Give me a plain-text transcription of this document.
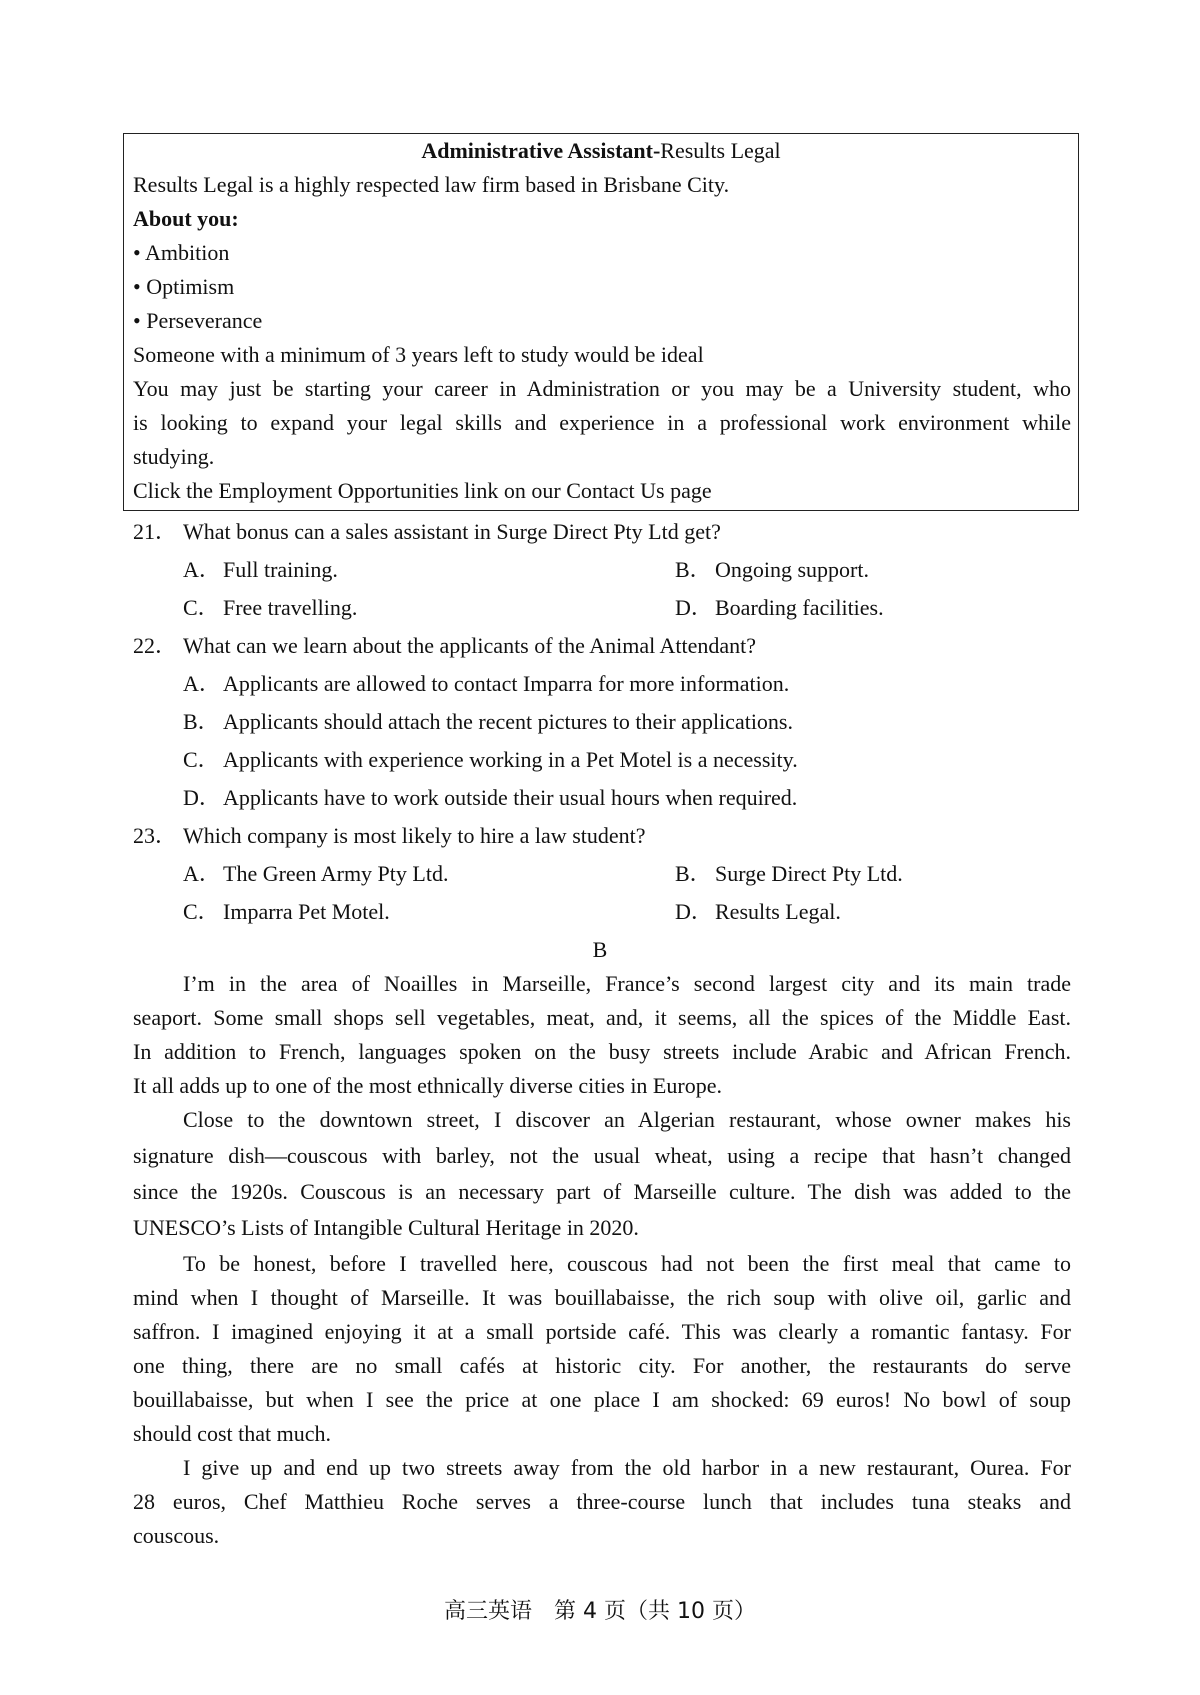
Administrative Assistant-Results Legal

Results Legal is a highly respected law firm based in Brisbane City.

About you:

• Ambition

• Optimism

• Perseverance

Someone with a minimum of 3 years left to study would be ideal

You may just be starting your career in Administration or you may be a University student, who

is looking to expand your legal skills and experience in a professional work environment while

studying.

Click the Employment Opportunities link on our Contact Us page

21． What bonus can a sales assistant in Surge Direct Pty Ltd get?

A．Full training.	B． Ongoing support.

C． Free travelling.	D．Boarding facilities.

22． What can we learn about the applicants of the Animal Attendant?

A．Applicants are allowed to contact Imparra for more information.

B． Applicants should attach the recent pictures to their applications.

C． Applicants with experience working in a Pet Motel is a necessity.

D．Applicants have to work outside their usual hours when required.

23． Which company is most likely to hire a law student?

A．The Green Army Pty Ltd.	B． Surge Direct Pty Ltd.

C． Imparra Pet Motel.	D．Results Legal.

B

I’m in the area of Noailles in Marseille, France’s second largest city and its main trade

seaport. Some small shops sell vegetables, meat, and, it seems, all the spices of the Middle East.

In addition to French, languages spoken on the busy streets include Arabic and African French.

It all adds up to one of the most ethnically diverse cities in Europe.

Close to the downtown street, I discover an Algerian restaurant, whose owner makes his

signature dish—couscous with barley, not the usual wheat, using a recipe that hasn’t changed

since the 1920s. Couscous is an necessary part of Marseille culture. The dish was added to the

UNESCO’s Lists of Intangible Cultural Heritage in 2020.

To be honest, before I travelled here, couscous had not been the first meal that came to

mind when I thought of Marseille. It was bouillabaisse, the rich soup with olive oil, garlic and

saffron. I imagined enjoying it at a small portside café. This was clearly a romantic fantasy. For

one thing, there are no small cafés at historic city. For another, the restaurants do serve

bouillabaisse, but when I see the price at one place I am shocked: 69 euros! No bowl of soup

should cost that much.

I give up and end up two streets away from the old harbor in a new restaurant, Ourea. For

28 euros, Chef Matthieu Roche serves a three-course lunch that includes tuna steaks and

couscous.

高三英语　第 4 页（共 10 页）
